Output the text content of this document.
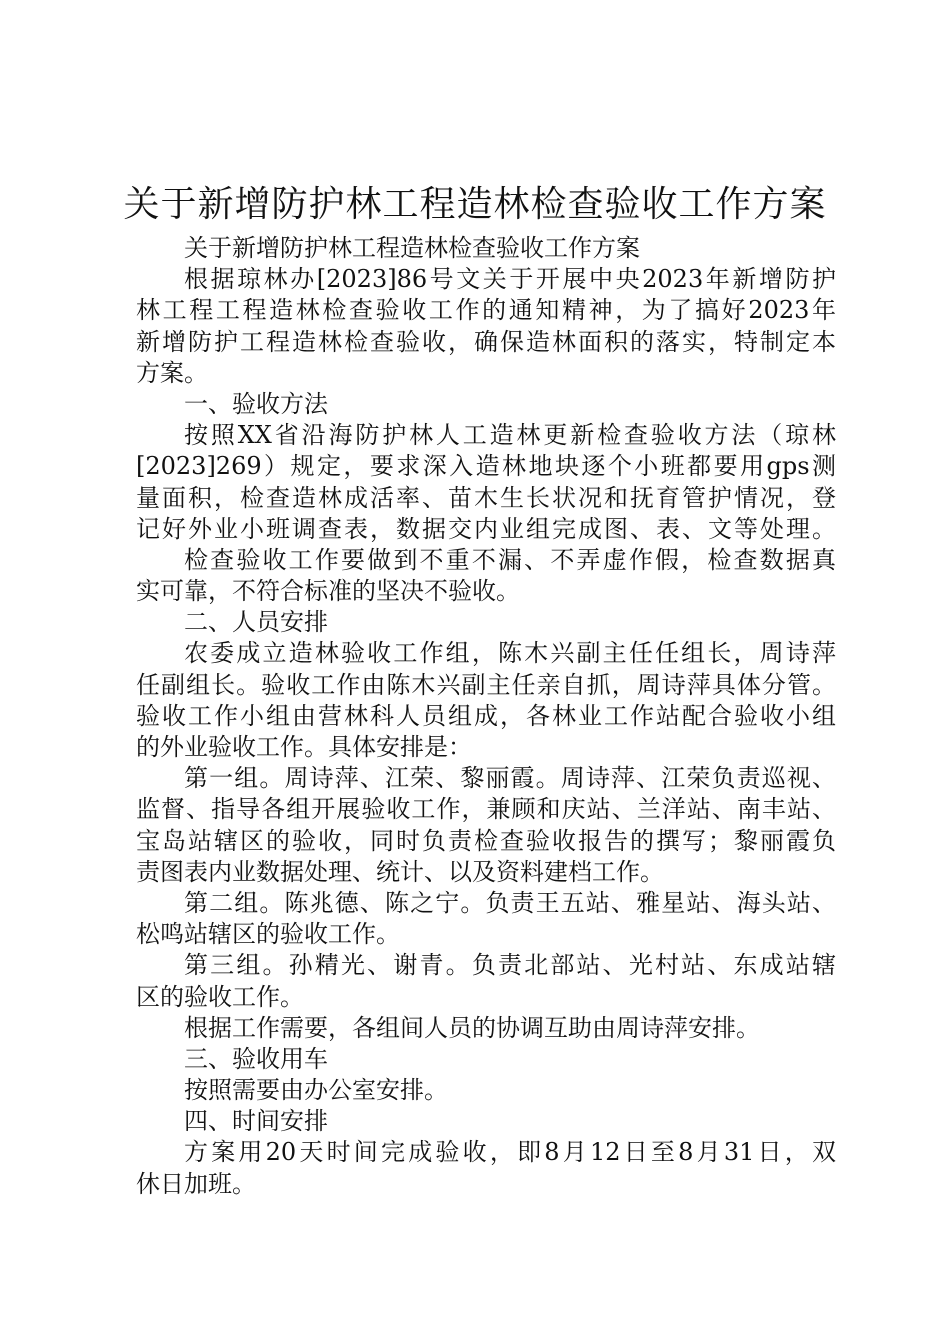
关于新增防护林工程造林检查验收工作方案
关于新增防护林工程造林检查验收工作方案
根据琼林办[2023]86号文关于开展中央2023年新增防护
林工程工程造林检查验收工作的通知精神，为了搞好2023年
新增防护工程造林检查验收，确保造林面积的落实，特制定本
方案。
一、验收方法
按照XX省沿海防护林人工造林更新检查验收方法（琼林
[2023]269）规定，要求深入造林地块逐个小班都要用gps测
量面积，检查造林成活率、苗木生长状况和抚育管护情况，登
记好外业小班调查表，数据交内业组完成图、表、文等处理。
检查验收工作要做到不重不漏、不弄虚作假，检查数据真
实可靠，不符合标准的坚决不验收。
二、人员安排
农委成立造林验收工作组，陈木兴副主任任组长，周诗萍
任副组长。验收工作由陈木兴副主任亲自抓，周诗萍具体分管。
验收工作小组由营林科人员组成，各林业工作站配合验收小组
的外业验收工作。具体安排是：
第一组。周诗萍、江荣、黎丽霞。周诗萍、江荣负责巡视、
监督、指导各组开展验收工作，兼顾和庆站、兰洋站、南丰站、
宝岛站辖区的验收，同时负责检查验收报告的撰写；黎丽霞负
责图表内业数据处理、统计、以及资料建档工作。
第二组。陈兆德、陈之宁。负责王五站、雅星站、海头站、
松鸣站辖区的验收工作。
第三组。孙精光、谢青。负责北部站、光村站、东成站辖
区的验收工作。
根据工作需要，各组间人员的协调互助由周诗萍安排。
三、验收用车
按照需要由办公室安排。
四、时间安排
方案用20天时间完成验收，即8月12日至8月31日，双
休日加班。
